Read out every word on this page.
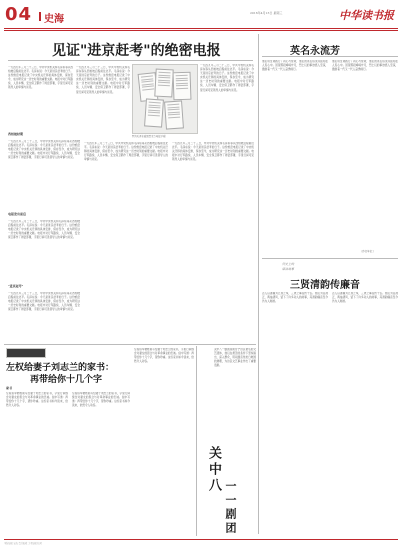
04 史海
2016年4月13日 星期三	中华读书报
见证"进京赶考"的绝密电报
一九四九年三月二十三日，中共中央机关和毛泽东等从西柏坡启程前往北平。毛泽东说：今天是进京赶考的日子。这份绝密电报记录了中央机关迁移的具体安排，保存至今，成为研究这一历史时刻的重要文献。电报中对行军路线、人员车辆、安全保卫都作了周密部署，字里行间可见领导人的审慎与远见。
一九四九年三月二十三日，中共中央机关和毛泽东等从西柏坡启程前往北平。毛泽东说：今天是进京赶考的日子。这份绝密电报记录了中央机关迁移的具体安排，保存至今，成为研究这一历史时刻的重要文献。电报中对行军路线、人员车辆、安全保卫都作了周密部署，字里行间可见领导人的审慎与远见。
图为毛泽东致周恩来等电报手稿
一九四九年三月二十三日，中共中央机关和毛泽东等从西柏坡启程前往北平。毛泽东说：今天是进京赶考的日子。这份绝密电报记录了中央机关迁移的具体安排，保存至今，成为研究这一历史时刻的重要文献。电报中对行军路线、人员车辆、安全保卫都作了周密部署，字里行间可见领导人的审慎与远见。
西柏坡时期
一九四九年三月二十三日，中共中央机关和毛泽东等从西柏坡启程前往北平。毛泽东说：今天是进京赶考的日子。这份绝密电报记录了中央机关迁移的具体安排，保存至今，成为研究这一历史时刻的重要文献。电报中对行军路线、人员车辆、安全保卫都作了周密部署，字里行间可见领导人的审慎与远见。
电报发出前后
一九四九年三月二十三日，中共中央机关和毛泽东等从西柏坡启程前往北平。毛泽东说：今天是进京赶考的日子。这份绝密电报记录了中央机关迁移的具体安排，保存至今，成为研究这一历史时刻的重要文献。电报中对行军路线、人员车辆、安全保卫都作了周密部署，字里行间可见领导人的审慎与远见。
"进京赶考"
一九四九年三月二十三日，中共中央机关和毛泽东等从西柏坡启程前往北平。毛泽东说：今天是进京赶考的日子。这份绝密电报记录了中央机关迁移的具体安排，保存至今，成为研究这一历史时刻的重要文献。电报中对行军路线、人员车辆、安全保卫都作了周密部署，字里行间可见领导人的审慎与远见。
一九四九年三月二十三日，中共中央机关和毛泽东等从西柏坡启程前往北平。毛泽东说：今天是进京赶考的日子。这份绝密电报记录了中央机关迁移的具体安排，保存至今，成为研究这一历史时刻的重要文献。电报中对行军路线、人员车辆、安全保卫都作了周密部署，字里行间可见领导人的审慎与远见。
一九四九年三月二十三日，中共中央机关和毛泽东等从西柏坡启程前往北平。毛泽东说：今天是进京赶考的日子。这份绝密电报记录了中央机关迁移的具体安排，保存至今，成为研究这一历史时刻的重要文献。电报中对行军路线、人员车辆、安全保卫都作了周密部署，字里行间可见领导人的审慎与远见。
英名永流芳
他们用生命践行了初心与使命，他们的英名将永远铭刻在人民心中。回望那段峥嵘岁月，烈士们的事迹感人至深，激励着一代又一代人奋勇前行。
他们用生命践行了初心与使命，他们的英名将永远铭刻在人民心中。回望那段峥嵘岁月，烈士们的事迹感人至深，激励着一代又一代人奋勇前行。
（作者单位：）
历史上的
廉洁故事
三贤清韵传廉音
古人以清廉为立身之本，三贤之事流传千古。他们为官清正，两袖清风，留下了许多动人的故事，其清韵廉音至今仍为人称道。
古人以清廉为立身之本，三贤之事流传千古。他们为官清正，两袖清风，留下了许多动人的故事，其清韵廉音至今仍为人称道。
左权给妻子刘志兰的家书：
再带给你十几个字
家书
左权将军牺牲前写给妻子刘志兰的家书，字里行间饱含对妻女的思念与对革命事业的忠诚。信中写道：再带给你十几个字，望你珍重。这些家书如今读来，依然令人动容。
左权将军牺牲前写给妻子刘志兰的家书，字里行间饱含对妻女的思念与对革命事业的忠诚。信中写道：再带给你十几个字，望你珍重。这些家书如今读来，依然令人动容。
左权将军牺牲前写给妻子刘志兰的家书，字里行间饱含对妻女的思念与对革命事业的忠诚。信中写道：再带给你十几个字，望你珍重。这些家书如今读来，依然令人动容。
关中八
一一剧团
关中八一剧团是陕甘宁边区著名的文艺团体，他们在艰苦的条件下坚持演出，深入群众，用戏剧宣传抗日救国的道理，为边区文艺事业作出了重要贡献。
本版编辑 史海 责任编辑 美术编辑 校对
